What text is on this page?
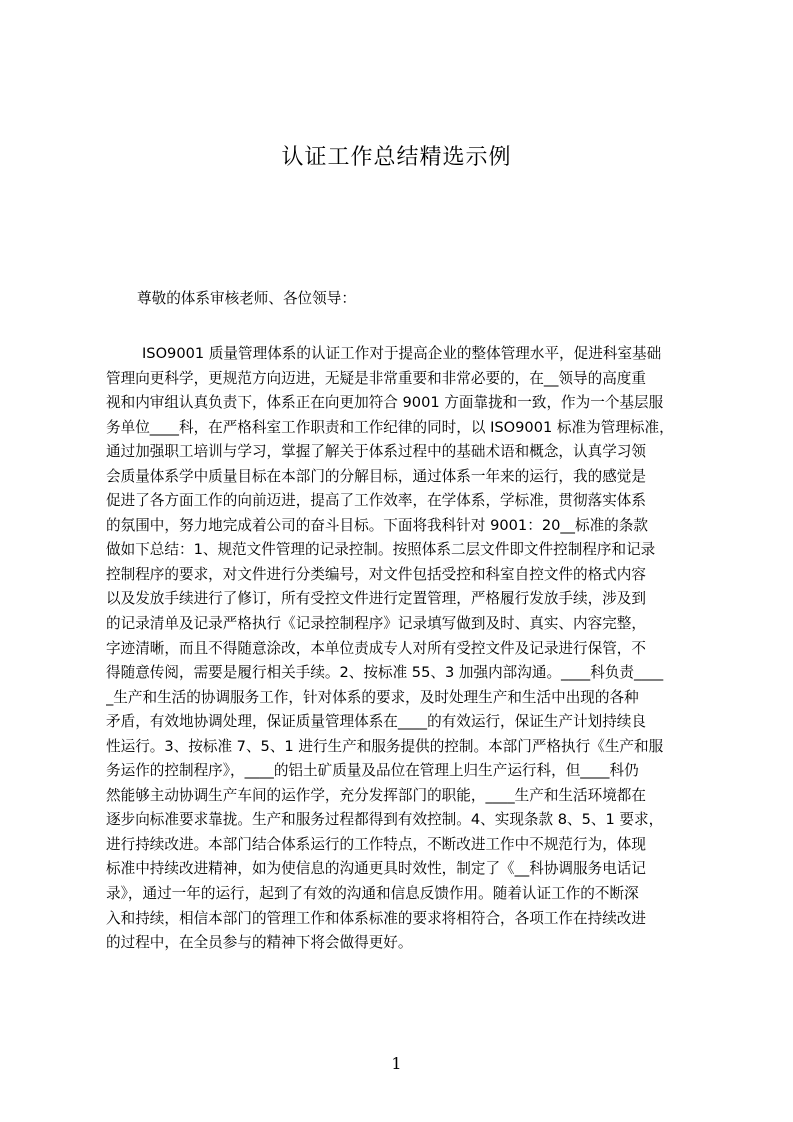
认证工作总结精选示例
尊敬的体系审核老师、各位领导：
ISO9001 质量管理体系的认证工作对于提高企业的整体管理水平，促进科室基础
管理向更科学，更规范方向迈进，无疑是非常重要和非常必要的，在__领导的高度重
视和内审组认真负责下，体系正在向更加符合 9001 方面靠拢和一致，作为一个基层服
务单位____科，在严格科室工作职责和工作纪律的同时，以 ISO9001 标准为管理标准，
通过加强职工培训与学习，掌握了解关于体系过程中的基础术语和概念，认真学习领
会质量体系学中质量目标在本部门的分解目标，通过体系一年来的运行，我的感觉是
促进了各方面工作的向前迈进，提高了工作效率，在学体系，学标准，贯彻落实体系
的氛围中，努力地完成着公司的奋斗目标。下面将我科针对 9001：20__标准的条款
做如下总结：1、规范文件管理的记录控制。按照体系二层文件即文件控制程序和记录
控制程序的要求，对文件进行分类编号，对文件包括受控和科室自控文件的格式内容
以及发放手续进行了修订，所有受控文件进行定置管理，严格履行发放手续，涉及到
的记录清单及记录严格执行《记录控制程序》记录填写做到及时、真实、内容完整，
字迹清晰，而且不得随意涂改，本单位责成专人对所有受控文件及记录进行保管，不
得随意传阅，需要是履行相关手续。2、按标准 55、3 加强内部沟通。____科负责____
_生产和生活的协调服务工作，针对体系的要求，及时处理生产和生活中出现的各种
矛盾，有效地协调处理，保证质量管理体系在____的有效运行，保证生产计划持续良
性运行。3、按标准 7、5、1 进行生产和服务提供的控制。本部门严格执行《生产和服
务运作的控制程序》，____的铝土矿质量及品位在管理上归生产运行科，但____科仍
然能够主动协调生产车间的运作学，充分发挥部门的职能，____生产和生活环境都在
逐步向标准要求靠拢。生产和服务过程都得到有效控制。4、实现条款 8、5、1 要求，
进行持续改进。本部门结合体系运行的工作特点，不断改进工作中不规范行为，体现
标准中持续改进精神，如为使信息的沟通更具时效性，制定了《__科协调服务电话记
录》，通过一年的运行，起到了有效的沟通和信息反馈作用。随着认证工作的不断深
入和持续，相信本部门的管理工作和体系标准的要求将相符合，各项工作在持续改进
的过程中，在全员参与的精神下将会做得更好。
1
